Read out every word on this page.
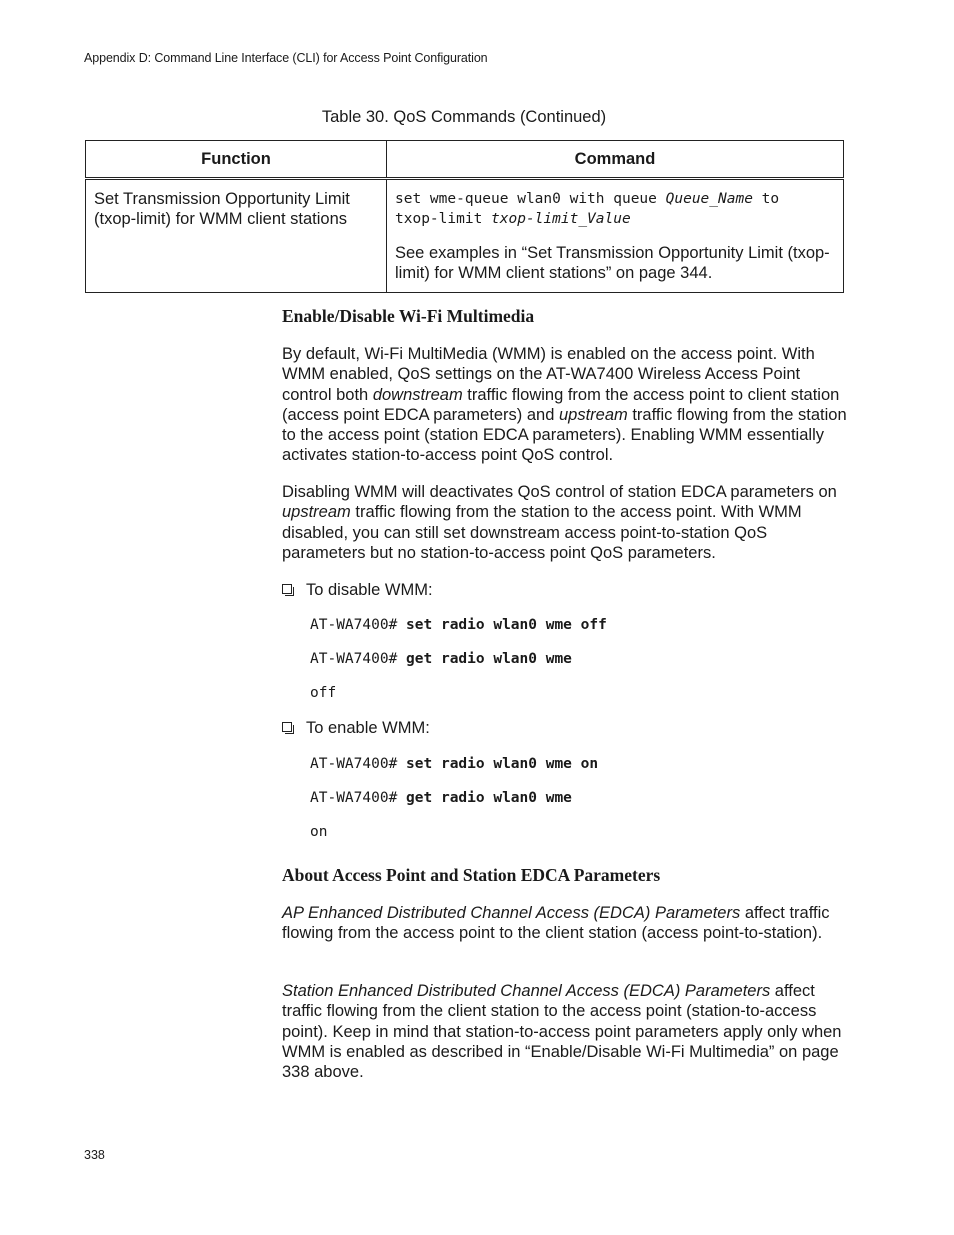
Appendix D: Command Line Interface (CLI) for Access Point Configuration
Table 30. QoS Commands (Continued)
Function	Command
Set Transmission Opportunity Limit (txop-limit) for WMM client stations	set wme-queue wlan0 with queue Queue_Name to
txop-limit txop-limit_Value
See examples in “Set Transmission Opportunity Limit (txop-limit) for WMM client stations” on page 344.
Enable/Disable Wi-Fi Multimedia

By default, Wi-Fi MultiMedia (WMM) is enabled on the access point. With WMM enabled, QoS settings on the AT-WA7400 Wireless Access Point control both downstream traffic flowing from the access point to client station (access point EDCA parameters) and upstream traffic flowing from the station to the access point (station EDCA parameters). Enabling WMM essentially activates station-to-access point QoS control.

Disabling WMM will deactivates QoS control of station EDCA parameters on upstream traffic flowing from the station to the access point. With WMM disabled, you can still set downstream access point-to-station QoS parameters but no station-to-access point QoS parameters.

To disable WMM:
AT-WA7400# set radio wlan0 wme off
AT-WA7400# get radio wlan0 wme
off
To enable WMM:
AT-WA7400# set radio wlan0 wme on
AT-WA7400# get radio wlan0 wme
on
About Access Point and Station EDCA Parameters

AP Enhanced Distributed Channel Access (EDCA) Parameters affect traffic flowing from the access point to the client station (access point-to-station).

Station Enhanced Distributed Channel Access (EDCA) Parameters affect traffic flowing from the client station to the access point (station-to-access point). Keep in mind that station-to-access point parameters apply only when WMM is enabled as described in “Enable/Disable Wi-Fi Multimedia” on page 338 above.

338
